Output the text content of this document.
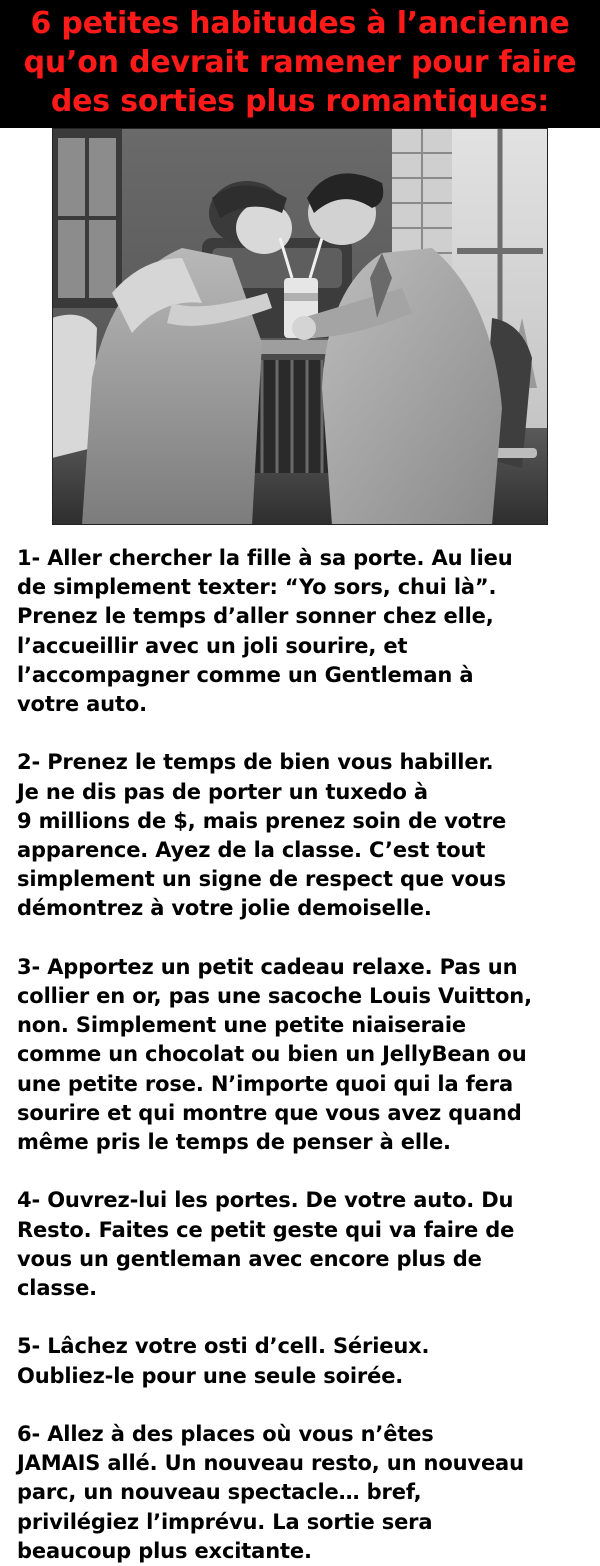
6 petites habitudes à l’ancienne
qu’on devrait ramener pour faire
des sorties plus romantiques:

1- Aller chercher la fille à sa porte. Au lieu
de simplement texter: “Yo sors, chui là”.
Prenez le temps d’aller sonner chez elle,
l’accueillir avec un joli sourire, et
l’accompagner comme un Gentleman à
votre auto.

2- Prenez le temps de bien vous habiller.
Je ne dis pas de porter un tuxedo à
9 millions de $, mais prenez soin de votre
apparence. Ayez de la classe. C’est tout
simplement un signe de respect que vous
démontrez à votre jolie demoiselle.

3- Apportez un petit cadeau relaxe. Pas un
collier en or, pas une sacoche Louis Vuitton,
non. Simplement une petite niaiseraie
comme un chocolat ou bien un JellyBean ou
une petite rose. N’importe quoi qui la fera
sourire et qui montre que vous avez quand
même pris le temps de penser à elle.

4- Ouvrez-lui les portes. De votre auto. Du
Resto. Faites ce petit geste qui va faire de
vous un gentleman avec encore plus de
classe.

5- Lâchez votre osti d’cell. Sérieux.
Oubliez-le pour une seule soirée.

6- Allez à des places où vous n’êtes
JAMAIS allé. Un nouveau resto, un nouveau
parc, un nouveau spectacle… bref,
privilégiez l’imprévu. La sortie sera
beaucoup plus excitante.
